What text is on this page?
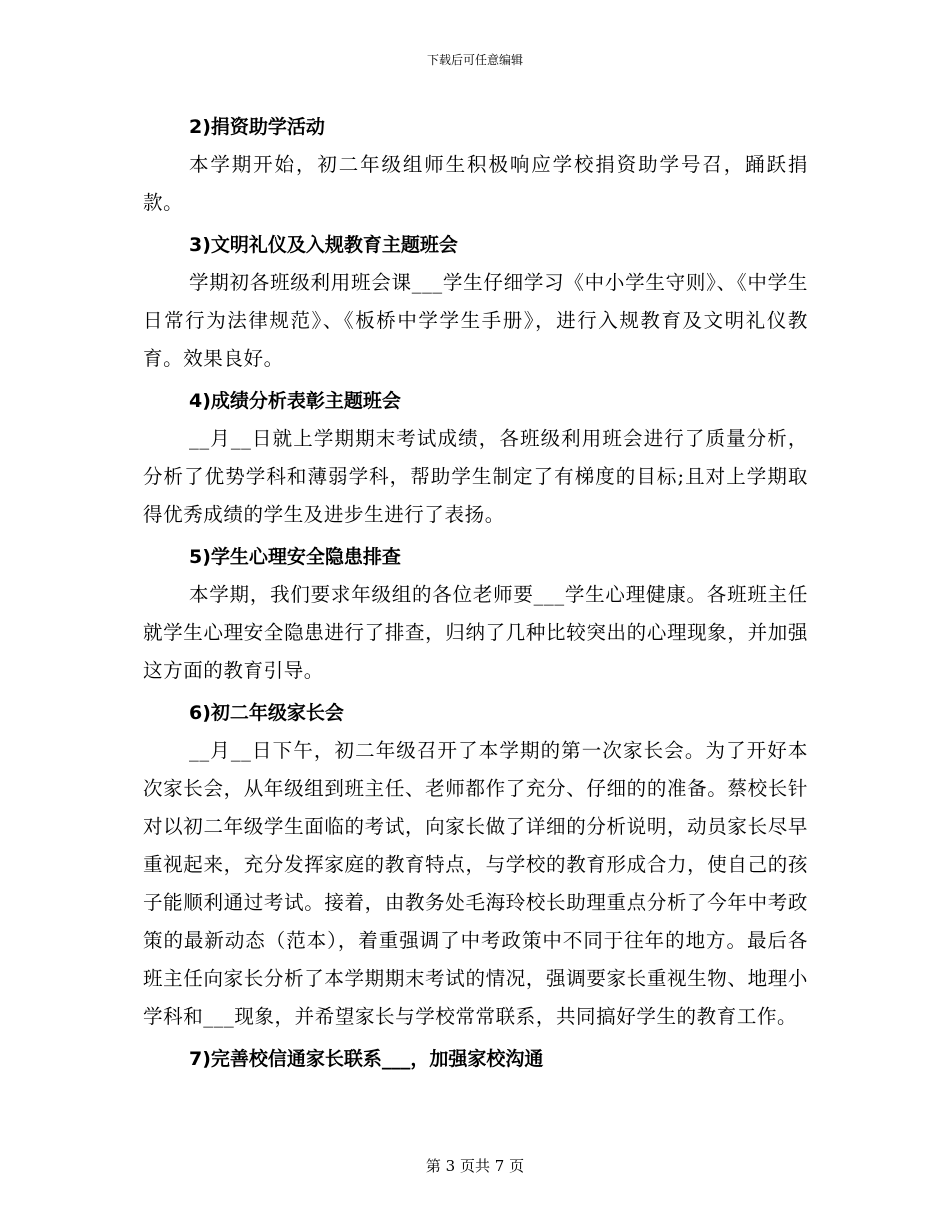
下载后可任意编辑
2)捐资助学活动

本学期开始，初二年级组师生积极响应学校捐资助学号召，踊跃捐款。

3)文明礼仪及入规教育主题班会

学期初各班级利用班会课___学生仔细学习《中小学生守则》、《中学生日常行为法律规范》、《板桥中学学生手册》，进行入规教育及文明礼仪教育。效果良好。

4)成绩分析表彰主题班会

__月__日就上学期期末考试成绩，各班级利用班会进行了质量分析，分析了优势学科和薄弱学科，帮助学生制定了有梯度的目标;且对上学期取得优秀成绩的学生及进步生进行了表扬。

5)学生心理安全隐患排查

本学期，我们要求年级组的各位老师要___学生心理健康。各班班主任就学生心理安全隐患进行了排查，归纳了几种比较突出的心理现象，并加强这方面的教育引导。

6)初二年级家长会

__月__日下午，初二年级召开了本学期的第一次家长会。为了开好本次家长会，从年级组到班主任、老师都作了充分、仔细的的准备。蔡校长针对以初二年级学生面临的考试，向家长做了详细的分析说明，动员家长尽早重视起来，充分发挥家庭的教育特点，与学校的教育形成合力，使自己的孩子能顺利通过考试。接着，由教务处毛海玲校长助理重点分析了今年中考政策的最新动态（范本），着重强调了中考政策中不同于往年的地方。最后各班主任向家长分析了本学期期末考试的情况，强调要家长重视生物、地理小学科和___现象，并希望家长与学校常常联系，共同搞好学生的教育工作。

7)完善校信通家长联系___，加强家校沟通
第 3 页共 7 页
